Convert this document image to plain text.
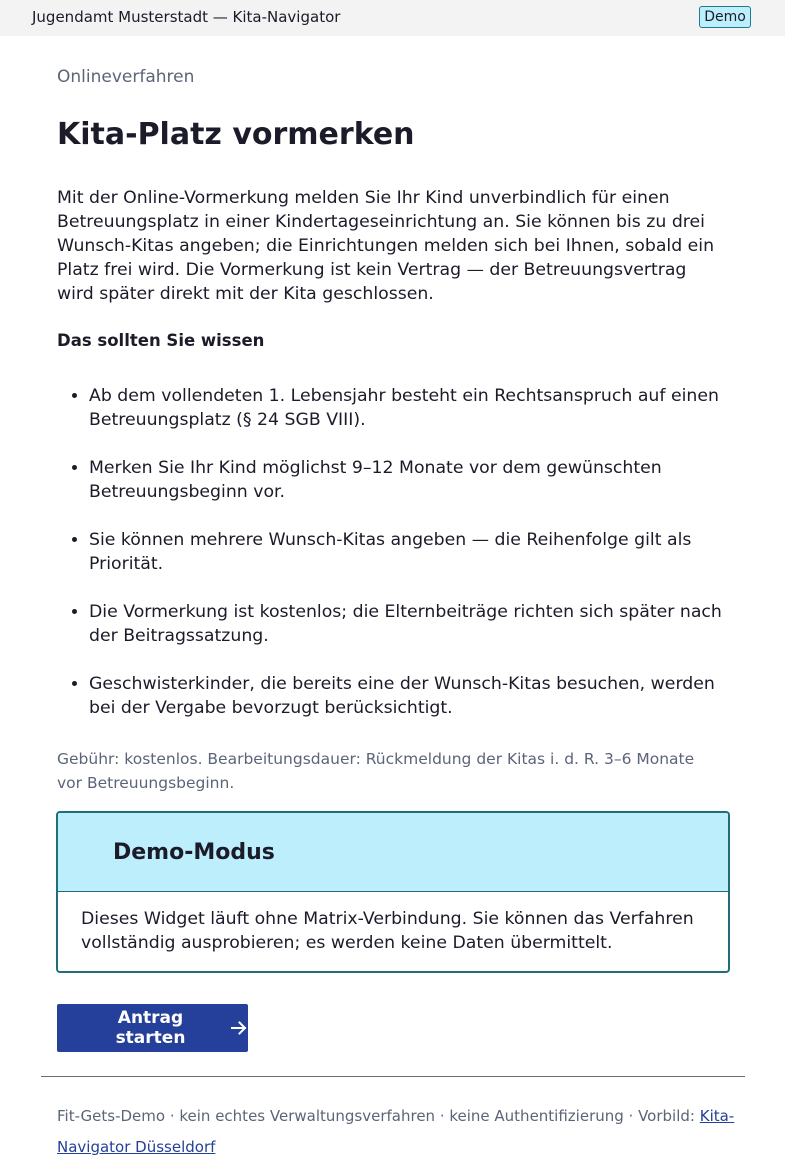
Jugendamt Musterstadt — Kita-Navigator	Demo
Onlineverfahren
Kita-Platz vormerken

Mit der Online-Vormerkung melden Sie Ihr Kind unverbindlich für einen Betreuungsplatz in einer Kindertageseinrichtung an. Sie können bis zu drei Wunsch-Kitas angeben; die Einrichtungen melden sich bei Ihnen, sobald ein Platz frei wird. Die Vormerkung ist kein Vertrag — der Betreuungsvertrag wird später direkt mit der Kita geschlossen.

Das sollten Sie wissen
• Ab dem vollendeten 1. Lebensjahr besteht ein Rechtsanspruch auf einen Betreuungsplatz (§ 24 SGB VIII).
• Merken Sie Ihr Kind möglichst 9–12 Monate vor dem gewünschten Betreuungsbeginn vor.
• Sie können mehrere Wunsch-Kitas angeben — die Reihenfolge gilt als Priorität.
• Die Vormerkung ist kostenlos; die Elternbeiträge richten sich später nach der Beitragssatzung.
• Geschwisterkinder, die bereits eine der Wunsch-Kitas besuchen, werden bei der Vergabe bevorzugt berücksichtigt.

Gebühr: kostenlos. Bearbeitungsdauer: Rückmeldung der Kitas i. d. R. 3–6 Monate vor Betreuungsbeginn.

Demo-Modus

Dieses Widget läuft ohne Matrix-Verbindung. Sie können das Verfahren vollständig ausprobieren; es werden keine Daten übermittelt.

Antrag starten

Fit-Gets-Demo · kein echtes Verwaltungsverfahren · keine Authentifizierung · Vorbild: Kita-Navigator Düsseldorf
